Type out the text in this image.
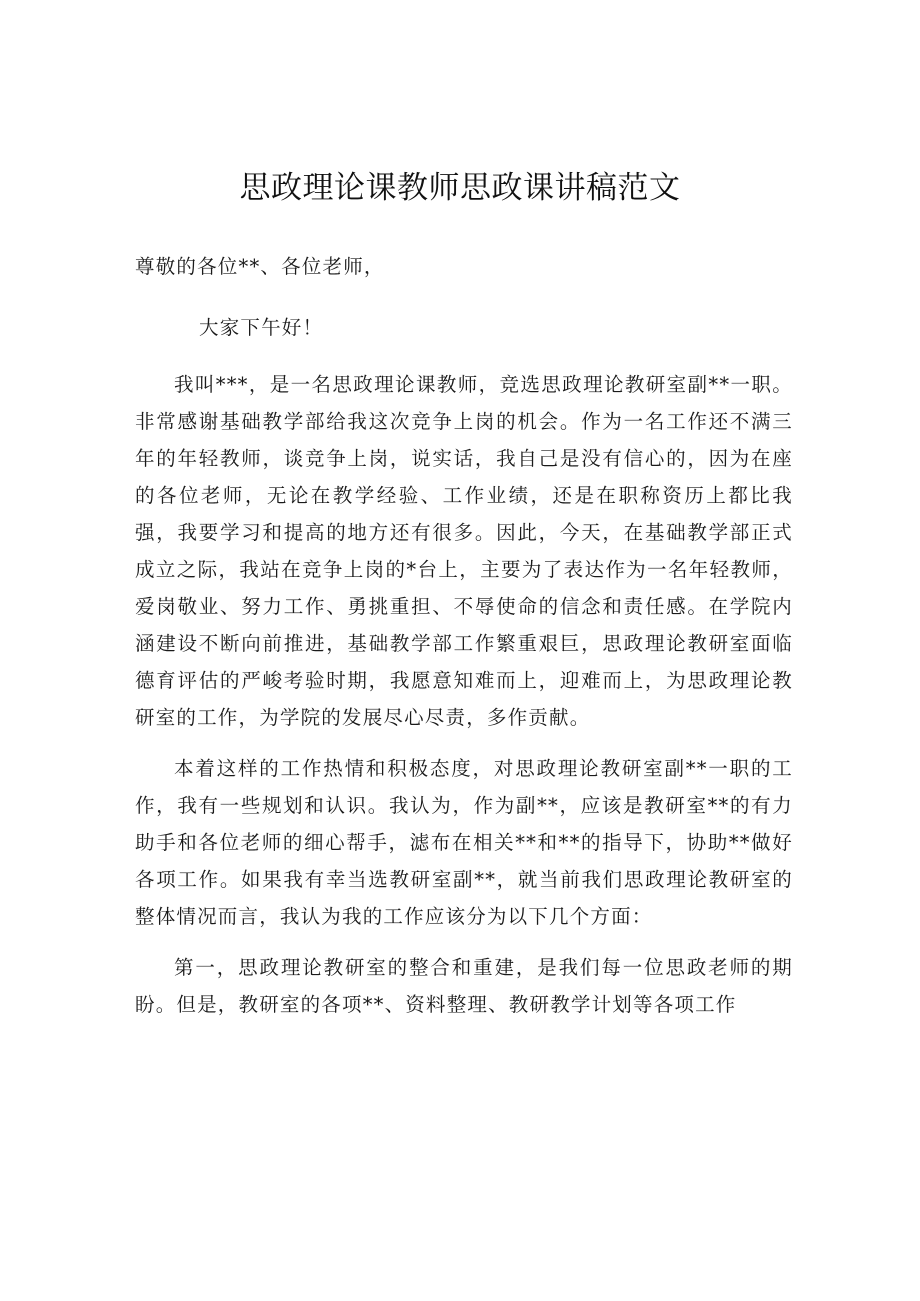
思政理论课教师思政课讲稿范文

尊敬的各位**、各位老师，

大家下午好！

我叫***，是一名思政理论课教师，竞选思政理论教研室副**一职。非常感谢基础教学部给我这次竞争上岗的机会。作为一名工作还不满三年的年轻教师，谈竞争上岗，说实话，我自己是没有信心的，因为在座的各位老师，无论在教学经验、工作业绩，还是在职称资历上都比我强，我要学习和提高的地方还有很多。因此，今天，在基础教学部正式成立之际，我站在竞争上岗的*台上，主要为了表达作为一名年轻教师，爱岗敬业、努力工作、勇挑重担、不辱使命的信念和责任感。在学院内涵建设不断向前推进，基础教学部工作繁重艰巨，思政理论教研室面临德育评估的严峻考验时期，我愿意知难而上，迎难而上，为思政理论教研室的工作，为学院的发展尽心尽责，多作贡献。

本着这样的工作热情和积极态度，对思政理论教研室副**一职的工作，我有一些规划和认识。我认为，作为副**，应该是教研室**的有力助手和各位老师的细心帮手，滤布在相关**和**的指导下，协助**做好各项工作。如果我有幸当选教研室副**，就当前我们思政理论教研室的整体情况而言，我认为我的工作应该分为以下几个方面：

第一，思政理论教研室的整合和重建，是我们每一位思政老师的期盼。但是，教研室的各项**、资料整理、教研教学计划等各项工作
